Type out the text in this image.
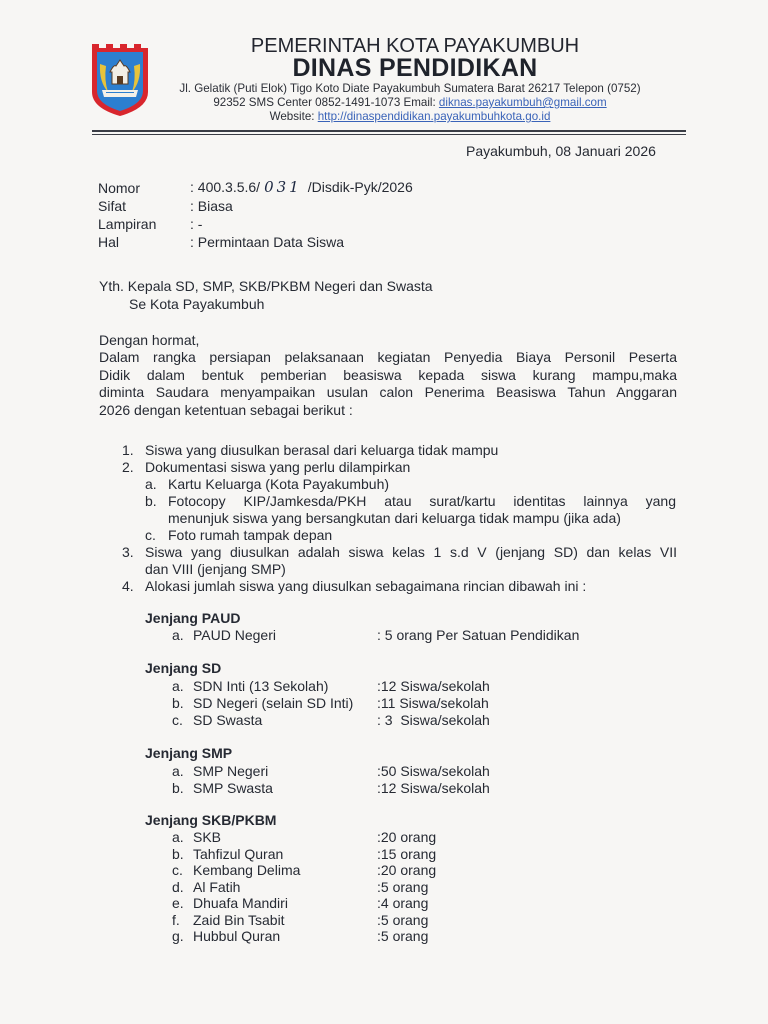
PEMERINTAH KOTA PAYAKUMBUH
DINAS PENDIDIKAN
Jl. Gelatik (Puti Elok) Tigo Koto Diate Payakumbuh Sumatera Barat 26217 Telepon (0752)
92352 SMS Center 0852-1491-1073 Email: diknas.payakumbuh@gmail.com
Website: http://dinaspendidikan.payakumbuhkota.go.id
Payakumbuh, 08 Januari 2026
Nomor	: 400.3.5.6/ 031 /Disdik-Pyk/2026
Sifat	: Biasa
Lampiran : -
Hal	: Permintaan Data Siswa
Yth. Kepala SD, SMP, SKB/PKBM Negeri dan Swasta
Se Kota Payakumbuh
Dengan hormat,
Dalam rangka persiapan pelaksanaan kegiatan Penyedia Biaya Personil Peserta
Didik dalam bentuk pemberian beasiswa kepada siswa kurang mampu,maka
diminta Saudara menyampaikan usulan calon Penerima Beasiswa Tahun Anggaran
2026 dengan ketentuan sebagai berikut :
1. Siswa yang diusulkan berasal dari keluarga tidak mampu
2. Dokumentasi siswa yang perlu dilampirkan
a. Kartu Keluarga (Kota Payakumbuh)
b. Fotocopy KIP/Jamkesda/PKH atau surat/kartu identitas lainnya yang
menunjuk siswa yang bersangkutan dari keluarga tidak mampu (jika ada)
c. Foto rumah tampak depan
3. Siswa yang diusulkan adalah siswa kelas 1 s.d V (jenjang SD) dan kelas VII
dan VIII (jenjang SMP)
4. Alokasi jumlah siswa yang diusulkan sebagaimana rincian dibawah ini :
Jenjang PAUD
a. PAUD Negeri	: 5 orang Per Satuan Pendidikan
Jenjang SD
a. SDN Inti (13 Sekolah)	:12 Siswa/sekolah
b. SD Negeri (selain SD Inti) :11 Siswa/sekolah
c. SD Swasta	: 3  Siswa/sekolah
Jenjang SMP
a. SMP Negeri	:50 Siswa/sekolah
b. SMP Swasta	:12 Siswa/sekolah
Jenjang SKB/PKBM
a. SKB	:20 orang
b. Tahfizul Quran	:15 orang
c. Kembang Delima	:20 orang
d. Al Fatih	:5 orang
e. Dhuafa Mandiri	:4 orang
f. Zaid Bin Tsabit	:5 orang
g. Hubbul Quran	:5 orang
